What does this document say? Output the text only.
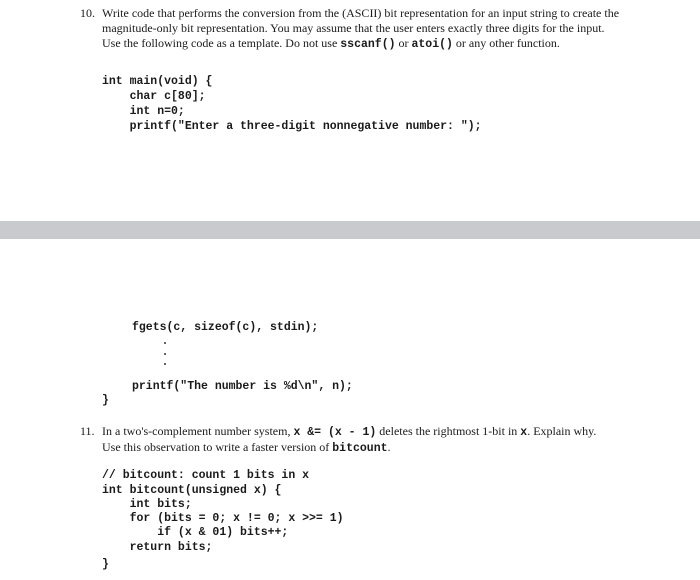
10. Write code that performs the conversion from the (ASCII) bit representation for an input string to create the magnitude-only bit representation. You may assume that the user enters exactly three digits for the input. Use the following code as a template. Do not use sscanf() or atoi() or any other function.
int main(void) {
char c[80];
int n=0;
printf("Enter a three-digit nonnegative number: ");
fgets(c, sizeof(c), stdin);
printf("The number is %d\n", n);
}
11. In a two's-complement number system, x &= (x - 1) deletes the rightmost 1-bit in x. Explain why. Use this observation to write a faster version of bitcount.
// bitcount: count 1 bits in x
int bitcount(unsigned x) {
int bits;
for (bits = 0; x != 0; x >>= 1)
if (x & 01) bits++;
return bits;
}
